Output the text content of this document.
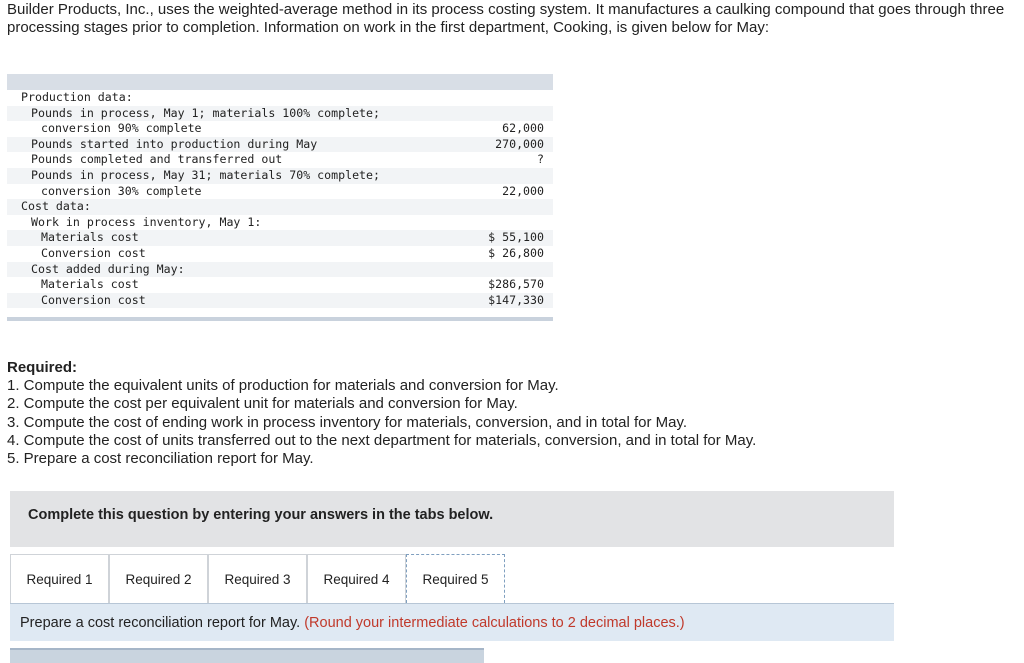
Builder Products, Inc., uses the weighted-average method in its process costing system. It manufactures a caulking compound that goes through three processing stages prior to completion. Information on work in the first department, Cooking, is given below for May:
Production data:
Pounds in process, May 1; materials 100% complete;
conversion 90% complete	62,000
Pounds started into production during May	270,000
Pounds completed and transferred out	?
Pounds in process, May 31; materials 70% complete;
conversion 30% complete	22,000
Cost data:
Work in process inventory, May 1:
Materials cost	$ 55,100
Conversion cost	$ 26,800
Cost added during May:
Materials cost	$286,570
Conversion cost	$147,330
Required:
1. Compute the equivalent units of production for materials and conversion for May.
2. Compute the cost per equivalent unit for materials and conversion for May.
3. Compute the cost of ending work in process inventory for materials, conversion, and in total for May.
4. Compute the cost of units transferred out to the next department for materials, conversion, and in total for May.
5. Prepare a cost reconciliation report for May.
Complete this question by entering your answers in the tabs below.
Required 1	Required 2	Required 3	Required 4	Required 5
Prepare a cost reconciliation report for May. (Round your intermediate calculations to 2 decimal places.)
